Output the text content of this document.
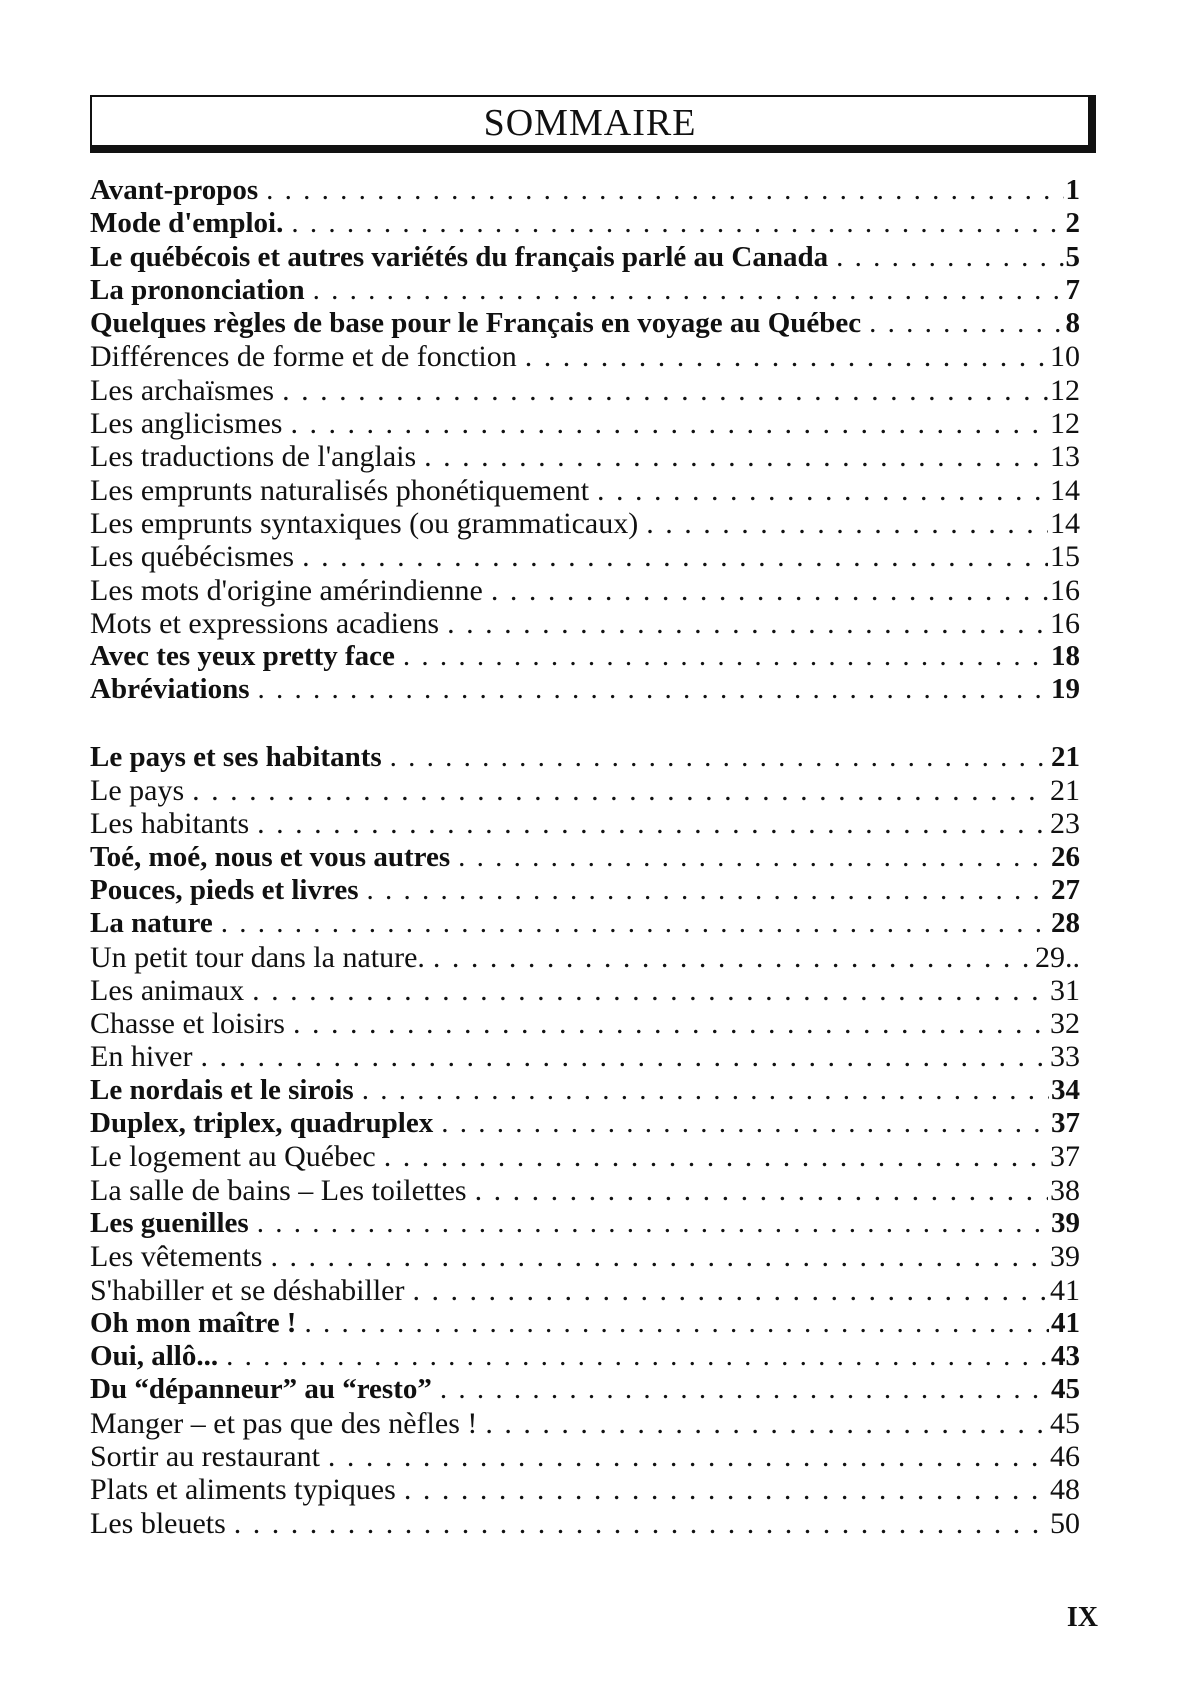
SOMMAIRE
Avant-propos . . .	1
Mode d'emploi. . . .	2
Le québécois et autres variétés du français parlé au Canada . . .	5
La prononciation . . .	7
Quelques règles de base pour le Français en voyage au Québec . . .	8
Différences de forme et de fonction . . .	10
Les archaïsmes . . .	12
Les anglicismes . . .	12
Les traductions de l'anglais . . .	13
Les emprunts naturalisés phonétiquement . . .	14
Les emprunts syntaxiques (ou grammaticaux) . . .	14
Les québécismes . . .	15
Les mots d'origine amérindienne . . .	16
Mots et expressions acadiens . . .	16
Avec tes yeux pretty face . . .	18
Abréviations . . .	19
Le pays et ses habitants . . .	21
Le pays . . .	21
Les habitants . . .	23
Toé, moé, nous et vous autres . . .	26
Pouces, pieds et livres . . .	27
La nature . . .	28
Un petit tour dans la nature. . . .	29..
Les animaux . . .	31
Chasse et loisirs . . .	32
En hiver . . .	33
Le nordais et le sirois . . .	34
Duplex, triplex, quadruplex . . .	37
Le logement au Québec . . .	37
La salle de bains – Les toilettes . . .	38
Les guenilles . . .	39
Les vêtements . . .	39
S'habiller et se déshabiller . . .	41
Oh mon maître ! . . .	41
Oui, allô... . . .	43
Du “dépanneur” au “resto” . . .	45
Manger – et pas que des nèfles ! . . .	45
Sortir au restaurant . . .	46
Plats et aliments typiques . . .	48
Les bleuets . . .	50
IX
